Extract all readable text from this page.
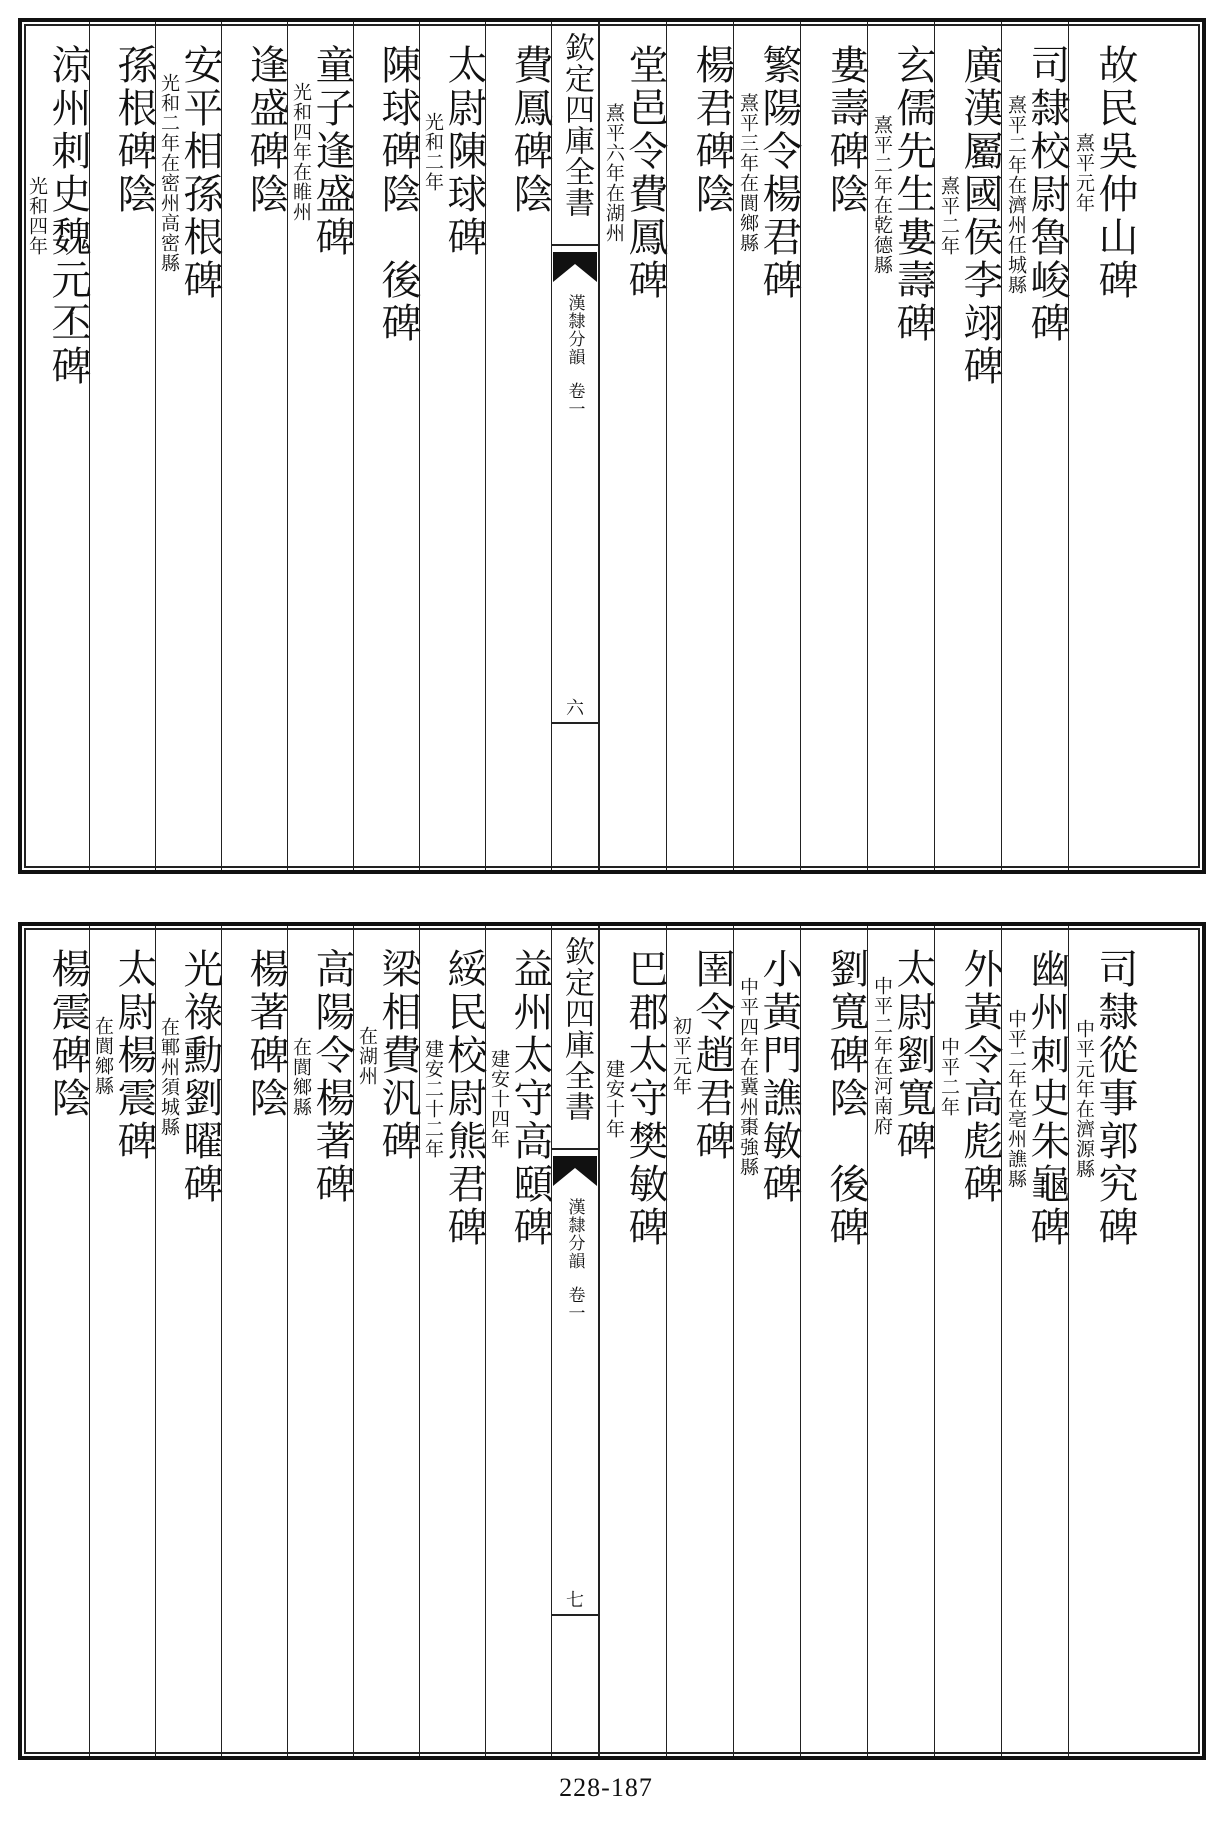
涼州刺史魏元丕碑
光和四年 孫根碑陰 安平相孫根碑
光和二年在密州高密縣 逢盛碑陰 童子逢盛碑
光和四年在睢州 陳球碑陰　後碑 太尉陳球碑
光和二年 費鳳碑陰 欽定四庫全書
漢隸分韻
卷一
六
堂邑令費鳳碑
熹平六年在湖州 楊君碑陰 繁陽令楊君碑
熹平三年在閬鄉縣 婁壽碑陰 玄儒先生婁壽碑
熹平二年在乾德縣 廣漢屬國侯李翊碑
熹平二年 司隸校尉魯峻碑
熹平二年在濟州任城縣 故民吳仲山碑
熹平元年
楊震碑陰 太尉楊震碑
在閬鄉縣 光祿勳劉曜碑
在鄆州須城縣 楊著碑陰 高陽令楊著碑
在閬鄉縣 梁相費汎碑
在湖州 綏民校尉熊君碑
建安二十二年 益州太守高頤碑
建安十四年 欽定四庫全書
漢隸分韻
卷一
七
巴郡太守樊敏碑
建安十年 圉令趙君碑
初平元年 小黃門譙敏碑
中平四年在冀州棗強縣 劉寬碑陰　後碑 太尉劉寬碑
中平二年在河南府 外黃令高彪碑
中平二年 幽州刺史朱龜碑
中平二年在亳州譙縣 司隸從事郭究碑
中平元年在濟源縣
228-187
